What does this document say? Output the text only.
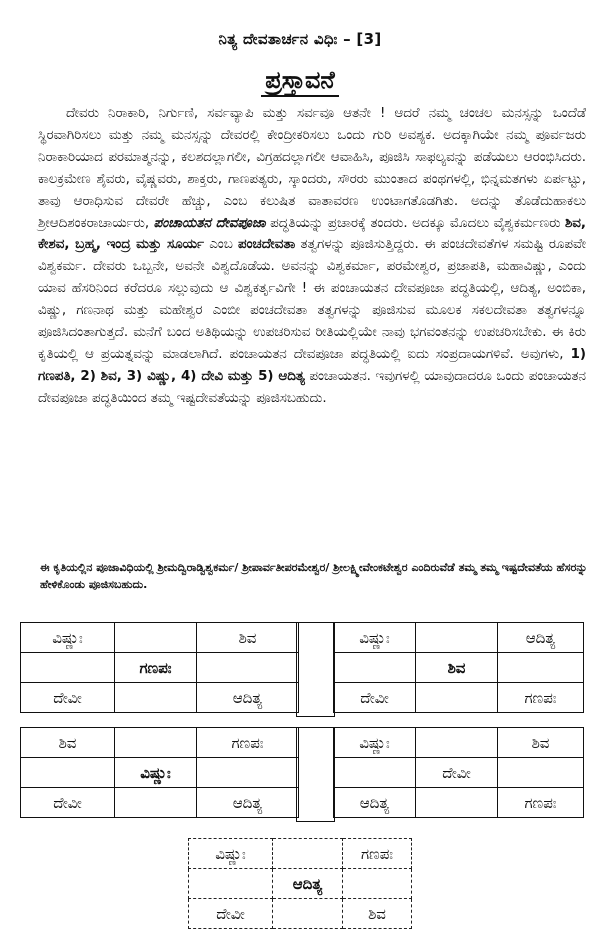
ನಿತ್ಯ ದೇವತಾರ್ಚನ ವಿಧಿಃ – [3]
ಪ್ರಸ್ತಾವನೆ

ದೇವರು ನಿರಾಕಾರಿ, ನಿರ್ಗುಣಿ, ಸರ್ವವ್ಯಾಪಿ ಮತ್ತು ಸರ್ವವೂ ಆತನೇ ! ಆದರೆ ನಮ್ಮ ಚಂಚಲ ಮನಸ್ಸನ್ನು ಒಂದೆಡೆ ಸ್ಥಿರವಾಗಿರಿಸಲು ಮತ್ತು ನಮ್ಮ ಮನಸ್ಸನ್ನು ದೇವರಲ್ಲಿ ಕೇಂದ್ರೀಕರಿಸಲು ಒಂದು ಗುರಿ ಅವಶ್ಯಕ. ಅದಕ್ಕಾಗಿಯೇ ನಮ್ಮ ಪೂರ್ವಜರು ನಿರಾಕಾರಿಯಾದ ಪರಮಾತ್ಮನನ್ನು, ಕಲಶದಲ್ಲಾಗಲೀ, ವಿಗ್ರಹದಲ್ಲಾಗಲೀ ಆವಾಹಿಸಿ, ಪೂಜಿಸಿ ಸಾಫಲ್ಯವನ್ನು ಪಡೆಯಲು ಆರಂಭಿಸಿದರು. ಕಾಲಕ್ರಮೇಣ ಶೈವರು, ವೈಷ್ಣವರು, ಶಾಕ್ತರು, ಗಾಣಪತ್ಯರು, ಸ್ಕಾಂದರು, ಸೌರರು ಮುಂತಾದ ಪಂಥಗಳಲ್ಲಿ, ಭಿನ್ನಮತಗಳು ಏರ್ಪಟ್ಟು, ತಾವು ಆರಾಧಿಸುವ ದೇವರೇ ಹೆಚ್ಚು, ಎಂಬ ಕಲುಷಿತ ವಾತಾವರಣ ಉಂಟಾಗತೊಡಗಿತು. ಅದನ್ನು ತೊಡೆದುಹಾಕಲು ಶ್ರೀಆದಿಶಂಕರಾಚಾರ್ಯರು, ಪಂಚಾಯತನ ದೇವಪೂಜಾ ಪದ್ಧತಿಯನ್ನು ಪ್ರಚಾರಕ್ಕೆ ತಂದರು. ಅದಕ್ಕೂ ಮೊದಲು ವೈಶ್ವಕರ್ಮಣರು ಶಿವ, ಕೇಶವ, ಬ್ರಹ್ಮ, ಇಂದ್ರ ಮತ್ತು ಸೂರ್ಯ ಎಂಬ ಪಂಚದೇವತಾ ತತ್ವಗಳನ್ನು ಪೂಜಿಸುತ್ತಿದ್ದರು. ಈ ಪಂಚದೇವತೆಗಳ ಸಮಷ್ಟಿ ರೂಪವೇ ವಿಶ್ವಕರ್ಮ. ದೇವರು ಒಬ್ಬನೇ, ಅವನೇ ವಿಶ್ವದೊಡೆಯ. ಅವನನ್ನು ವಿಶ್ವಕರ್ಮಾ, ಪರಮೇಶ್ವರ, ಪ್ರಜಾಪತಿ, ಮಹಾವಿಷ್ಣು, ಎಂದು ಯಾವ ಹೆಸರಿನಿಂದ ಕರೆದರೂ ಸಲ್ಲುವುದು ಆ ವಿಶ್ವಕರ್ತೃವಿಗೇ ! ಈ ಪಂಚಾಯತನ ದೇವಪೂಜಾ ಪದ್ಧತಿಯಲ್ಲಿ, ಆದಿತ್ಯ, ಅಂಬಿಕಾ, ವಿಷ್ಣು, ಗಣನಾಥ ಮತ್ತು ಮಹೇಶ್ವರ ಎಂಬೀ ಪಂಚದೇವತಾ ತತ್ವಗಳನ್ನು ಪೂಜಿಸುವ ಮೂಲಕ ಸಕಲದೇವತಾ ತತ್ವಗಳನ್ನೂ ಪೂಜಿಸಿದಂತಾಗುತ್ತದೆ. ಮನೆಗೆ ಬಂದ ಅತಿಥಿಯನ್ನು ಉಪಚರಿಸುವ ರೀತಿಯಲ್ಲಿಯೇ ನಾವು ಭಗವಂತನನ್ನು ಉಪಚರಿಸಬೇಕು. ಈ ಕಿರು ಕೃತಿಯಲ್ಲಿ ಆ ಪ್ರಯತ್ನವನ್ನು ಮಾಡಲಾಗಿದೆ. ಪಂಚಾಯತನ ದೇವಪೂಜಾ ಪದ್ಧತಿಯಲ್ಲಿ ಐದು ಸಂಪ್ರದಾಯಗಳಿವೆ. ಅವುಗಳು, 1) ಗಣಪತಿ, 2) ಶಿವ, 3) ವಿಷ್ಣು, 4) ದೇವಿ ಮತ್ತು 5) ಆದಿತ್ಯ ಪಂಚಾಯತನ. ಇವುಗಳಲ್ಲಿ ಯಾವುದಾದರೂ ಒಂದು ಪಂಚಾಯತನ ದೇವಪೂಜಾ ಪದ್ಧತಿಯಿಂದ ತಮ್ಮ ಇಷ್ಟದೇವತೆಯನ್ನು ಪೂಜಿಸಬಹುದು.

ಈ ಕೃತಿಯಲ್ಲಿನ ಪೂಜಾವಿಧಿಯಲ್ಲಿ ಶ್ರೀಮದ್ವಿರಾಡ್ವಿಶ್ವಕರ್ಮ/ ಶ್ರೀಪಾರ್ವತೀಪರಮೇಶ್ವರ/ ಶ್ರೀಲಕ್ಷ್ಮೀವೇಂಕಟೇಶ್ವರ ಎಂದಿರುವೆಡೆ ತಮ್ಮ ತಮ್ಮ ಇಷ್ಟದೇವತೆಯ ಹೆಸರನ್ನು ಹೇಳಿಕೊಂಡು ಪೂಜಿಸಬಹುದು.
ವಿಷ್ಣುಃ		ಶಿವ
	ಗಣಪಃ	
ದೇವೀ		ಆದಿತ್ಯ
ವಿಷ್ಣುಃ		ಆದಿತ್ಯ
	ಶಿವ	
ದೇವೀ		ಗಣಪಃ
ಶಿವ		ಗಣಪಃ
	ವಿಷ್ಣುಃ	
ದೇವೀ		ಆದಿತ್ಯ
ವಿಷ್ಣುಃ		ಶಿವ
	ದೇವೀ	
ಆದಿತ್ಯ		ಗಣಪಃ
ವಿಷ್ಣುಃ		ಗಣಪಃ
	ಆದಿತ್ಯ	
ದೇವೀ		ಶಿವ
